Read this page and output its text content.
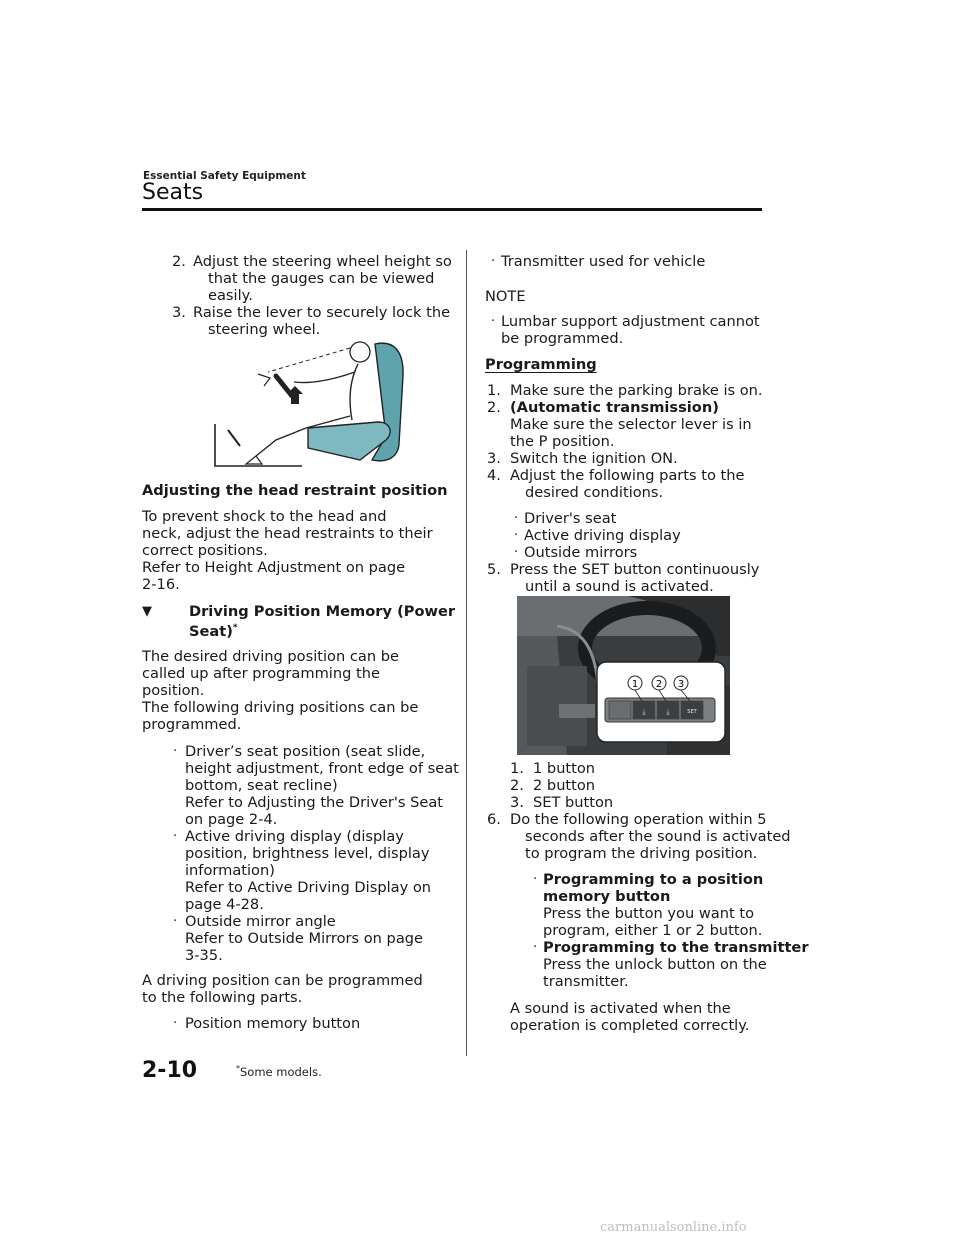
Essential Safety Equipment
Seats
2. Adjust the steering wheel height so
that the gauges can be viewed
easily.
3. Raise the lever to securely lock the
steering wheel.
Adjusting the head restraint position
To prevent shock to the head and
neck, adjust the head restraints to their
correct positions.
Refer to Height Adjustment on page
2-16.
▼	Driving Position Memory (Power
Seat)*
The desired driving position can be
called up after programming the
position.
The following driving positions can be
programmed.
· Driver’s seat position (seat slide,
height adjustment, front edge of seat
bottom, seat recline)
Refer to Adjusting the Driver's Seat
on page 2-4.
· Active driving display (display
position, brightness level, display
information)
Refer to Active Driving Display on
page 4-28.
· Outside mirror angle
Refer to Outside Mirrors on page
3-35.
A driving position can be programmed
to the following parts.
· Position memory button
· Transmitter used for vehicle
NOTE
· Lumbar support adjustment cannot
be programmed.
Programming
1. Make sure the parking brake is on.
2. (Automatic transmission)
Make sure the selector lever is in
the P position.
3. Switch the ignition ON.
4. Adjust the following parts to the
desired conditions.
· Driver's seat
· Active driving display
· Outside mirrors
5. Press the SET button continuously
until a sound is activated.
⤓	⤓	SET
1 2 3
1. 1 button
2. 2 button
3. SET button
6. Do the following operation within 5
seconds after the sound is activated
to program the driving position.
· Programming to a position
memory button
Press the button you want to
program, either 1 or 2 button.
· Programming to the transmitter
Press the unlock button on the
transmitter.
A sound is activated when the
operation is completed correctly.
2-10	*Some models.
carmanualsonline.info
